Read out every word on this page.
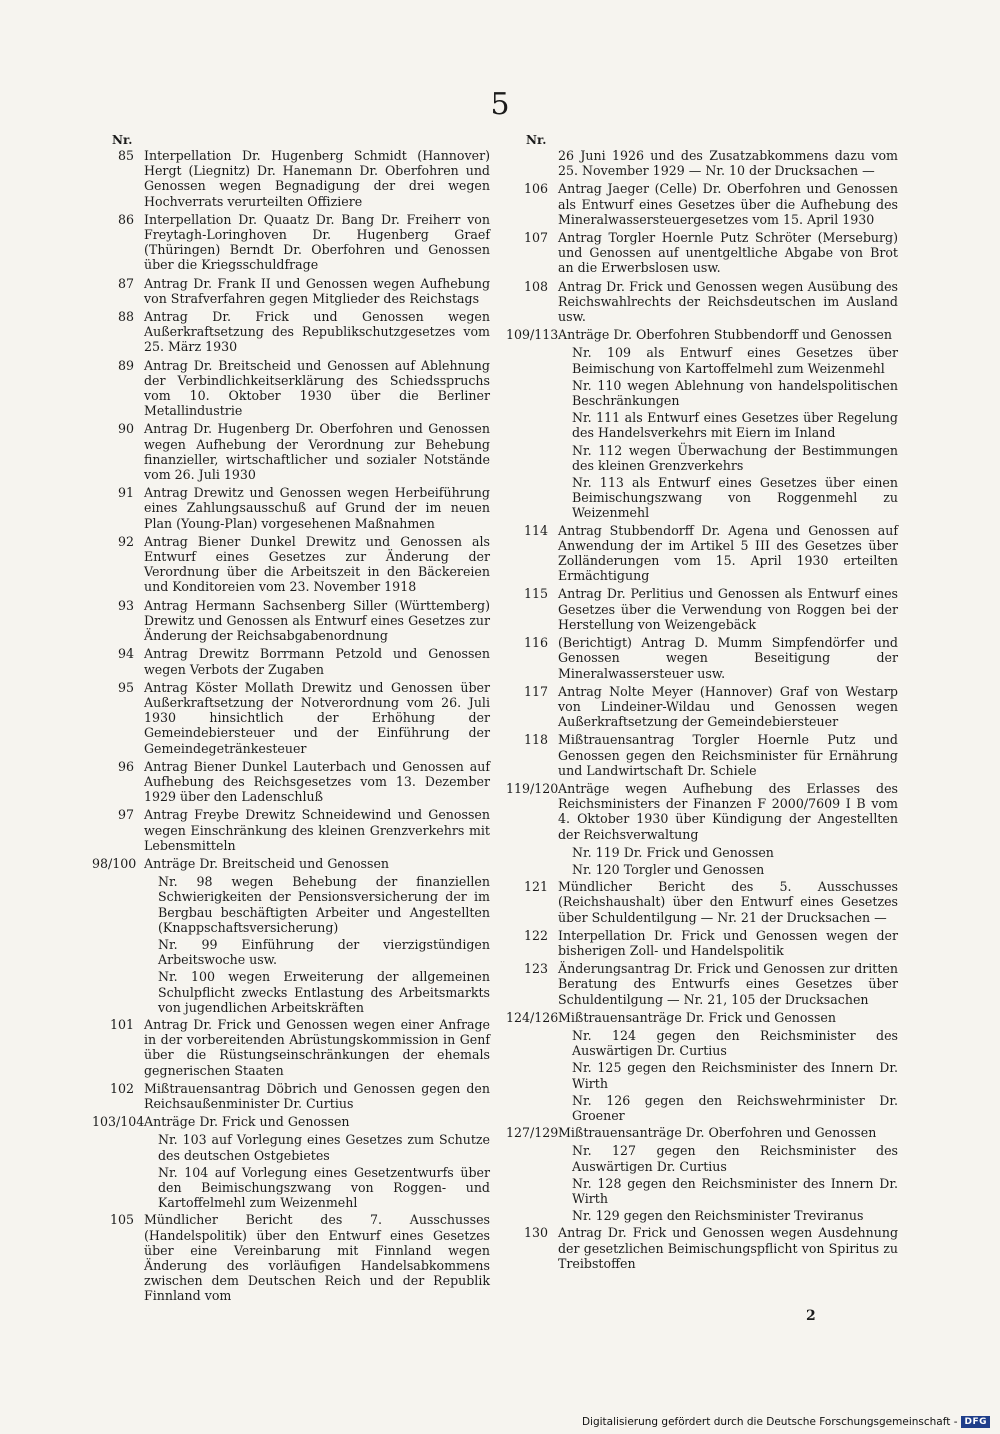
5
Nr.
85 Interpellation Dr. Hugenberg Schmidt (Hannover) Hergt (Liegnitz) Dr. Hanemann Dr. Oberfohren und Genossen wegen Begnadigung der drei wegen Hochverrats verurteilten Offiziere
86 Interpellation Dr. Quaatz Dr. Bang Dr. Freiherr von Freytagh-Loringhoven Dr. Hugenberg Graef (Thüringen) Berndt Dr. Oberfohren und Genossen über die Kriegsschuldfrage
87 Antrag Dr. Frank II und Genossen wegen Aufhebung von Strafverfahren gegen Mitglieder des Reichstags
88 Antrag Dr. Frick und Genossen wegen Außerkraftsetzung des Republikschutzgesetzes vom 25. März 1930
89 Antrag Dr. Breitscheid und Genossen auf Ablehnung der Verbindlichkeitserklärung des Schiedsspruchs vom 10. Oktober 1930 über die Berliner Metallindustrie
90 Antrag Dr. Hugenberg Dr. Oberfohren und Genossen wegen Aufhebung der Verordnung zur Behebung finanzieller, wirtschaftlicher und sozialer Notstände vom 26. Juli 1930
91 Antrag Drewitz und Genossen wegen Herbeiführung eines Zahlungsausschuß auf Grund der im neuen Plan (Young-Plan) vorgesehenen Maßnahmen
92 Antrag Biener Dunkel Drewitz und Genossen als Entwurf eines Gesetzes zur Änderung der Verordnung über die Arbeitszeit in den Bäckereien und Konditoreien vom 23. November 1918
93 Antrag Hermann Sachsenberg Siller (Württemberg) Drewitz und Genossen als Entwurf eines Gesetzes zur Änderung der Reichsabgabenordnung
94 Antrag Drewitz Borrmann Petzold und Genossen wegen Verbots der Zugaben
95 Antrag Köster Mollath Drewitz und Genossen über Außerkraftsetzung der Notverordnung vom 26. Juli 1930 hinsichtlich der Erhöhung der Gemeindebiersteuer und der Einführung der Gemeindegetränkesteuer
96 Antrag Biener Dunkel Lauterbach und Genossen auf Aufhebung des Reichsgesetzes vom 13. Dezember 1929 über den Ladenschluß
97 Antrag Freybe Drewitz Schneidewind und Genossen wegen Einschränkung des kleinen Grenzverkehrs mit Lebensmitteln
98/100 Anträge Dr. Breitscheid und Genossen
Nr. 98 wegen Behebung der finanziellen Schwierigkeiten der Pensionsversicherung der im Bergbau beschäftigten Arbeiter und Angestellten (Knappschaftsversicherung)
Nr. 99 Einführung der vierzigstündigen Arbeitswoche usw.
Nr. 100 wegen Erweiterung der allgemeinen Schulpflicht zwecks Entlastung des Arbeitsmarkts von jugendlichen Arbeitskräften
101 Antrag Dr. Frick und Genossen wegen einer Anfrage in der vorbereitenden Abrüstungskommission in Genf über die Rüstungseinschränkungen der ehemals gegnerischen Staaten
102 Mißtrauensantrag Döbrich und Genossen gegen den Reichsaußenminister Dr. Curtius
103/104 Anträge Dr. Frick und Genossen
Nr. 103 auf Vorlegung eines Gesetzes zum Schutze des deutschen Ostgebietes
Nr. 104 auf Vorlegung eines Gesetzentwurfs über den Beimischungszwang von Roggen- und Kartoffelmehl zum Weizenmehl
105 Mündlicher Bericht des 7. Ausschusses (Handelspolitik) über den Entwurf eines Gesetzes über eine Vereinbarung mit Finnland wegen Änderung des vorläufigen Handelsabkommens zwischen dem Deutschen Reich und der Republik Finnland vom
Nr.
26 Juni 1926 und des Zusatzabkommens dazu vom 25. November 1929 — Nr. 10 der Drucksachen —
106 Antrag Jaeger (Celle) Dr. Oberfohren und Genossen als Entwurf eines Gesetzes über die Aufhebung des Mineralwassersteuergesetzes vom 15. April 1930
107 Antrag Torgler Hoernle Putz Schröter (Merseburg) und Genossen auf unentgeltliche Abgabe von Brot an die Erwerbslosen usw.
108 Antrag Dr. Frick und Genossen wegen Ausübung des Reichswahlrechts der Reichsdeutschen im Ausland usw.
109/113 Anträge Dr. Oberfohren Stubbendorff und Genossen
Nr. 109 als Entwurf eines Gesetzes über Beimischung von Kartoffelmehl zum Weizenmehl
Nr. 110 wegen Ablehnung von handelspolitischen Beschränkungen
Nr. 111 als Entwurf eines Gesetzes über Regelung des Handelsverkehrs mit Eiern im Inland
Nr. 112 wegen Überwachung der Bestimmungen des kleinen Grenzverkehrs
Nr. 113 als Entwurf eines Gesetzes über einen Beimischungszwang von Roggenmehl zu Weizenmehl
114 Antrag Stubbendorff Dr. Agena und Genossen auf Anwendung der im Artikel 5 III des Gesetzes über Zolländerungen vom 15. April 1930 erteilten Ermächtigung
115 Antrag Dr. Perlitius und Genossen als Entwurf eines Gesetzes über die Verwendung von Roggen bei der Herstellung von Weizengebäck
116 (Berichtigt) Antrag D. Mumm Simpfendörfer und Genossen wegen Beseitigung der Mineralwassersteuer usw.
117 Antrag Nolte Meyer (Hannover) Graf von Westarp von Lindeiner-Wildau und Genossen wegen Außerkraftsetzung der Gemeindebiersteuer
118 Mißtrauensantrag Torgler Hoernle Putz und Genossen gegen den Reichsminister für Ernährung und Landwirtschaft Dr. Schiele
119/120 Anträge wegen Aufhebung des Erlasses des Reichsministers der Finanzen F 2000/7609 I B vom 4. Oktober 1930 über Kündigung der Angestellten der Reichsverwaltung
Nr. 119 Dr. Frick und Genossen
Nr. 120 Torgler und Genossen
121 Mündlicher Bericht des 5. Ausschusses (Reichshaushalt) über den Entwurf eines Gesetzes über Schuldentilgung — Nr. 21 der Drucksachen —
122 Interpellation Dr. Frick und Genossen wegen der bisherigen Zoll- und Handelspolitik
123 Änderungsantrag Dr. Frick und Genossen zur dritten Beratung des Entwurfs eines Gesetzes über Schuldentilgung — Nr. 21, 105 der Drucksachen
124/126 Mißtrauensanträge Dr. Frick und Genossen
Nr. 124 gegen den Reichsminister des Auswärtigen Dr. Curtius
Nr. 125 gegen den Reichsminister des Innern Dr. Wirth
Nr. 126 gegen den Reichswehrminister Dr. Groener
127/129 Mißtrauensanträge Dr. Oberfohren und Genossen
Nr. 127 gegen den Reichsminister des Auswärtigen Dr. Curtius
Nr. 128 gegen den Reichsminister des Innern Dr. Wirth
Nr. 129 gegen den Reichsminister Treviranus
130 Antrag Dr. Frick und Genossen wegen Ausdehnung der gesetzlichen Beimischungspflicht von Spiritus zu Treibstoffen
2
Digitalisierung gefördert durch die Deutsche Forschungsgemeinschaft - DFG
